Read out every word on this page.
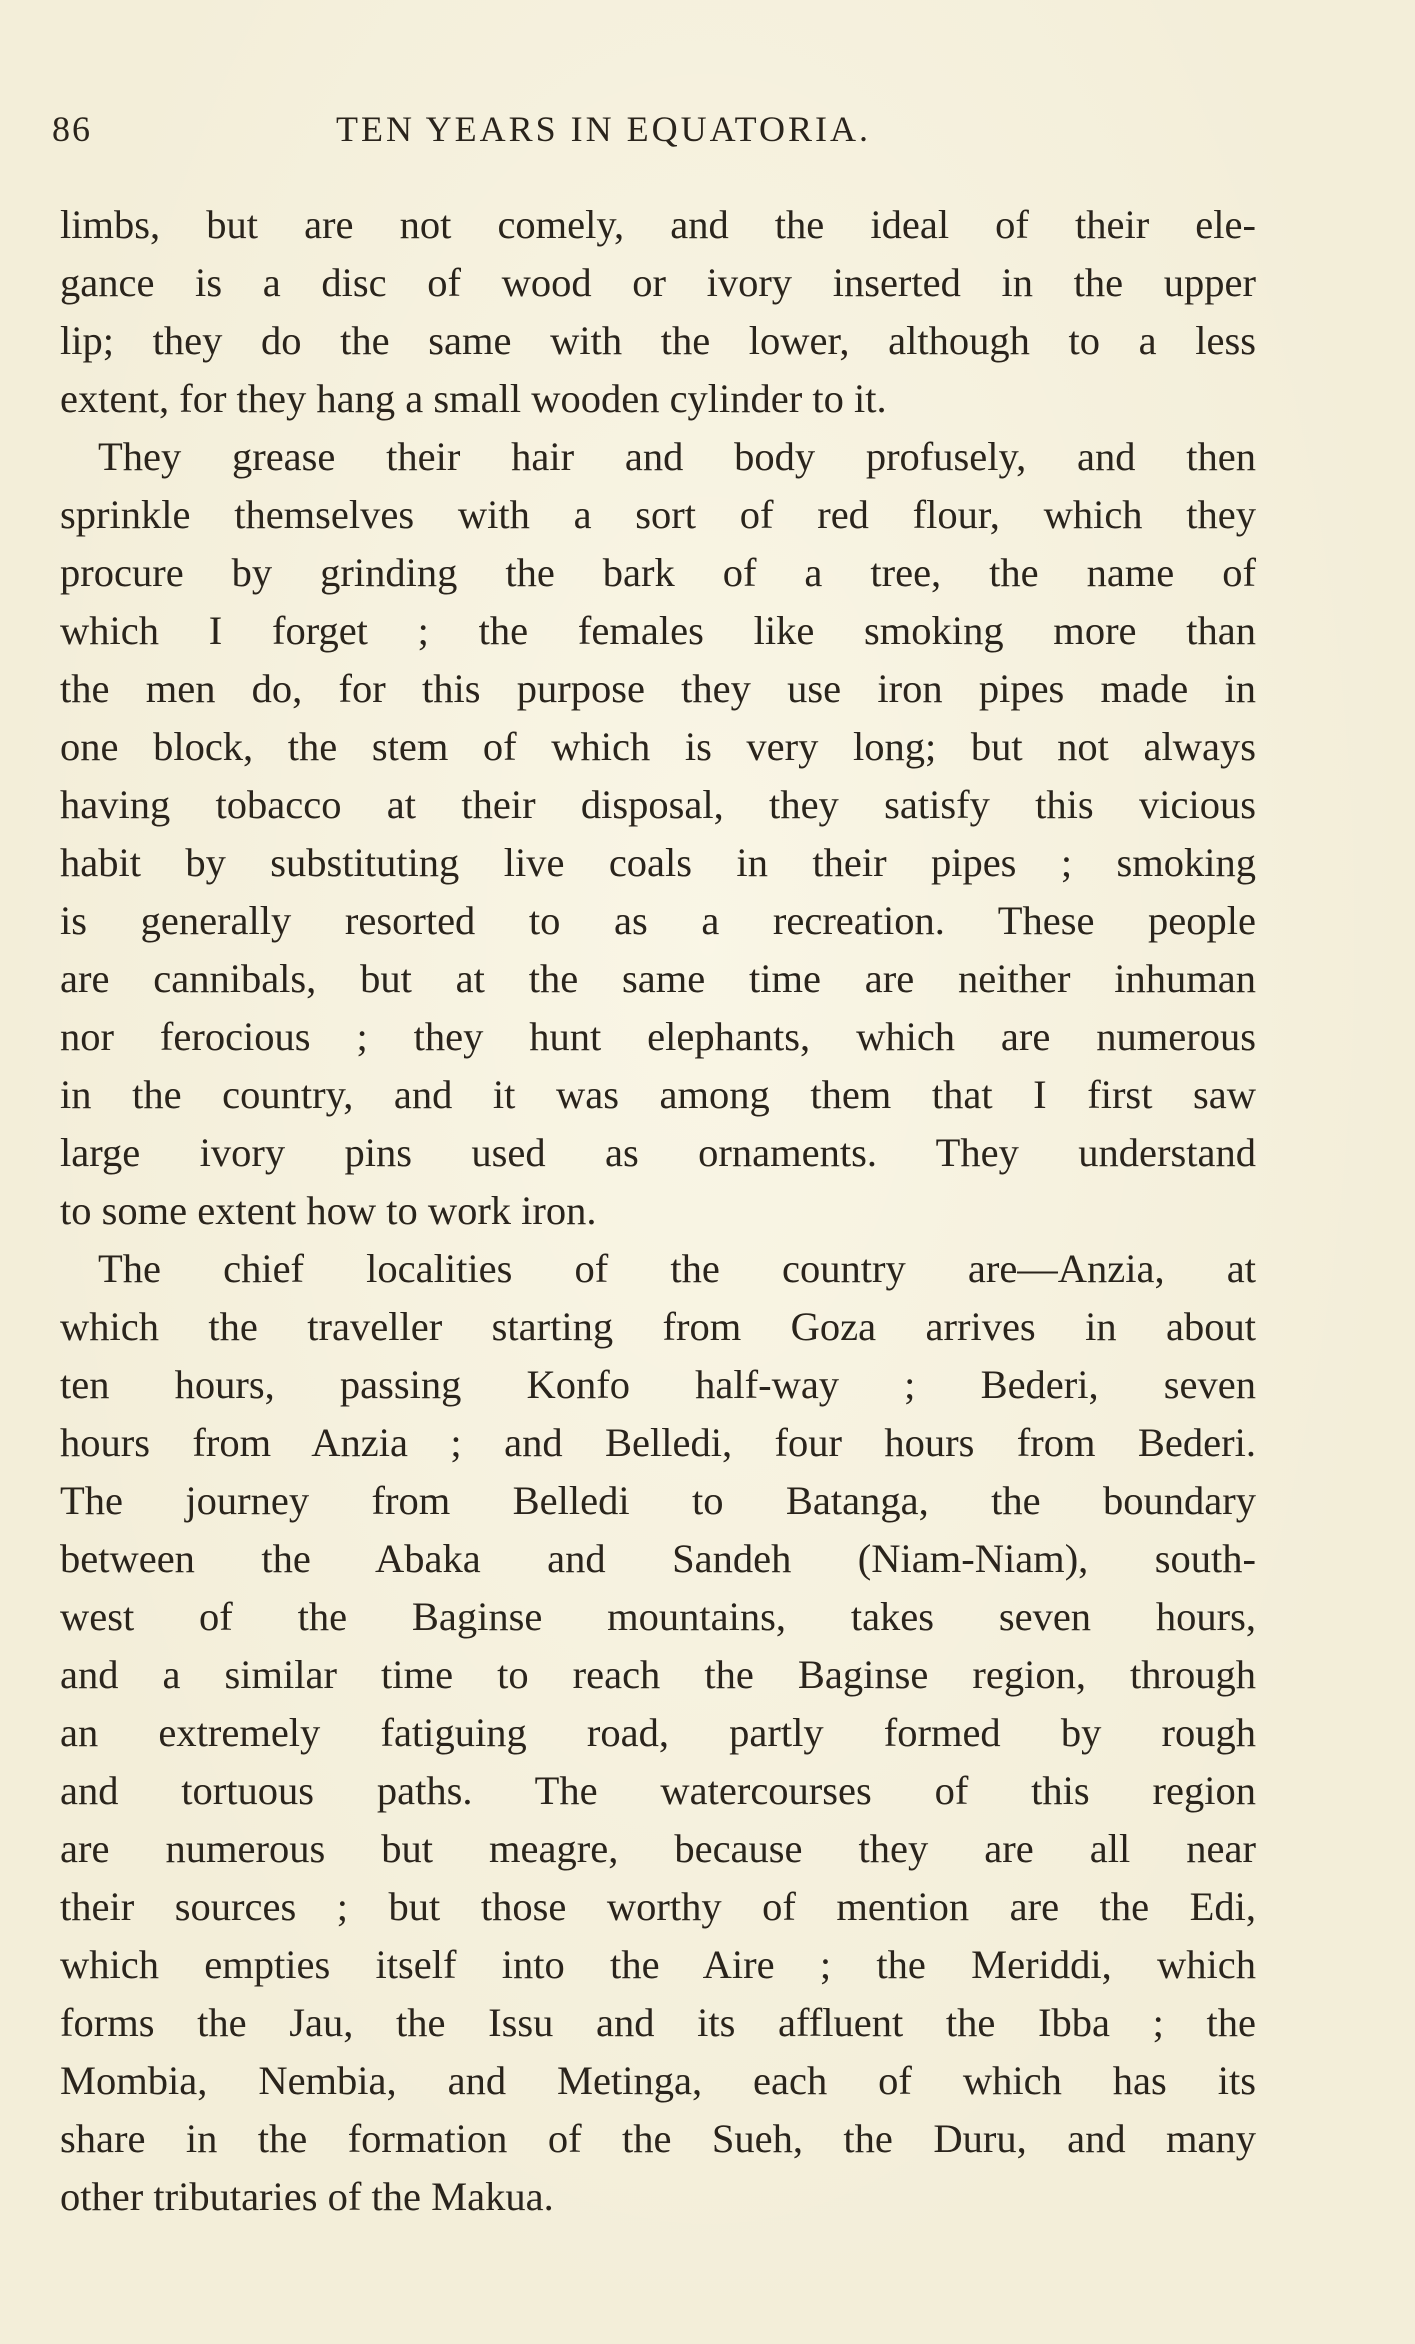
86	TEN YEARS IN EQUATORIA.
limbs, but are not comely, and the ideal of their ele-
gance is a disc of wood or ivory inserted in the upper
lip; they do the same with the lower, although to a less
extent, for they hang a small wooden cylinder to it.
They grease their hair and body profusely, and then
sprinkle themselves with a sort of red flour, which they
procure by grinding the bark of a tree, the name of
which I forget ; the females like smoking more than
the men do, for this purpose they use iron pipes made in
one block, the stem of which is very long; but not always
having tobacco at their disposal, they satisfy this vicious
habit by substituting live coals in their pipes ; smoking
is generally resorted to as a recreation. These people
are cannibals, but at the same time are neither inhuman
nor ferocious ; they hunt elephants, which are numerous
in the country, and it was among them that I first saw
large ivory pins used as ornaments. They understand
to some extent how to work iron.
The chief localities of the country are—Anzia, at
which the traveller starting from Goza arrives in about
ten hours, passing Konfo half-way ; Bederi, seven
hours from Anzia ; and Belledi, four hours from Bederi.
The journey from Belledi to Batanga, the boundary
between the Abaka and Sandeh (Niam-Niam), south-
west of the Baginse mountains, takes seven hours,
and a similar time to reach the Baginse region, through
an extremely fatiguing road, partly formed by rough
and tortuous paths. The watercourses of this region
are numerous but meagre, because they are all near
their sources ; but those worthy of mention are the Edi,
which empties itself into the Aire ; the Meriddi, which
forms the Jau, the Issu and its affluent the Ibba ; the
Mombia, Nembia, and Metinga, each of which has its
share in the formation of the Sueh, the Duru, and many
other tributaries of the Makua.
